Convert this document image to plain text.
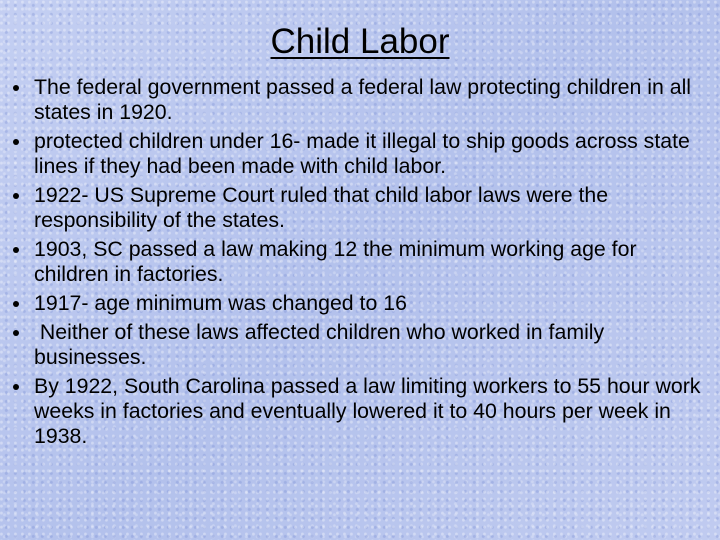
Child Labor
The federal government passed a federal law protecting children in all states in 1920.
protected children under 16- made it illegal to ship goods across state lines if they had been made with child labor.
1922- US Supreme Court ruled that child labor laws were the responsibility of the states.
1903, SC passed a law making 12 the minimum working age for children in factories.
1917- age minimum was changed to 16
Neither of these laws affected children who worked in family businesses.
By 1922, South Carolina passed a law limiting workers to 55 hour work weeks in factories and eventually lowered it to 40 hours per week in 1938.
